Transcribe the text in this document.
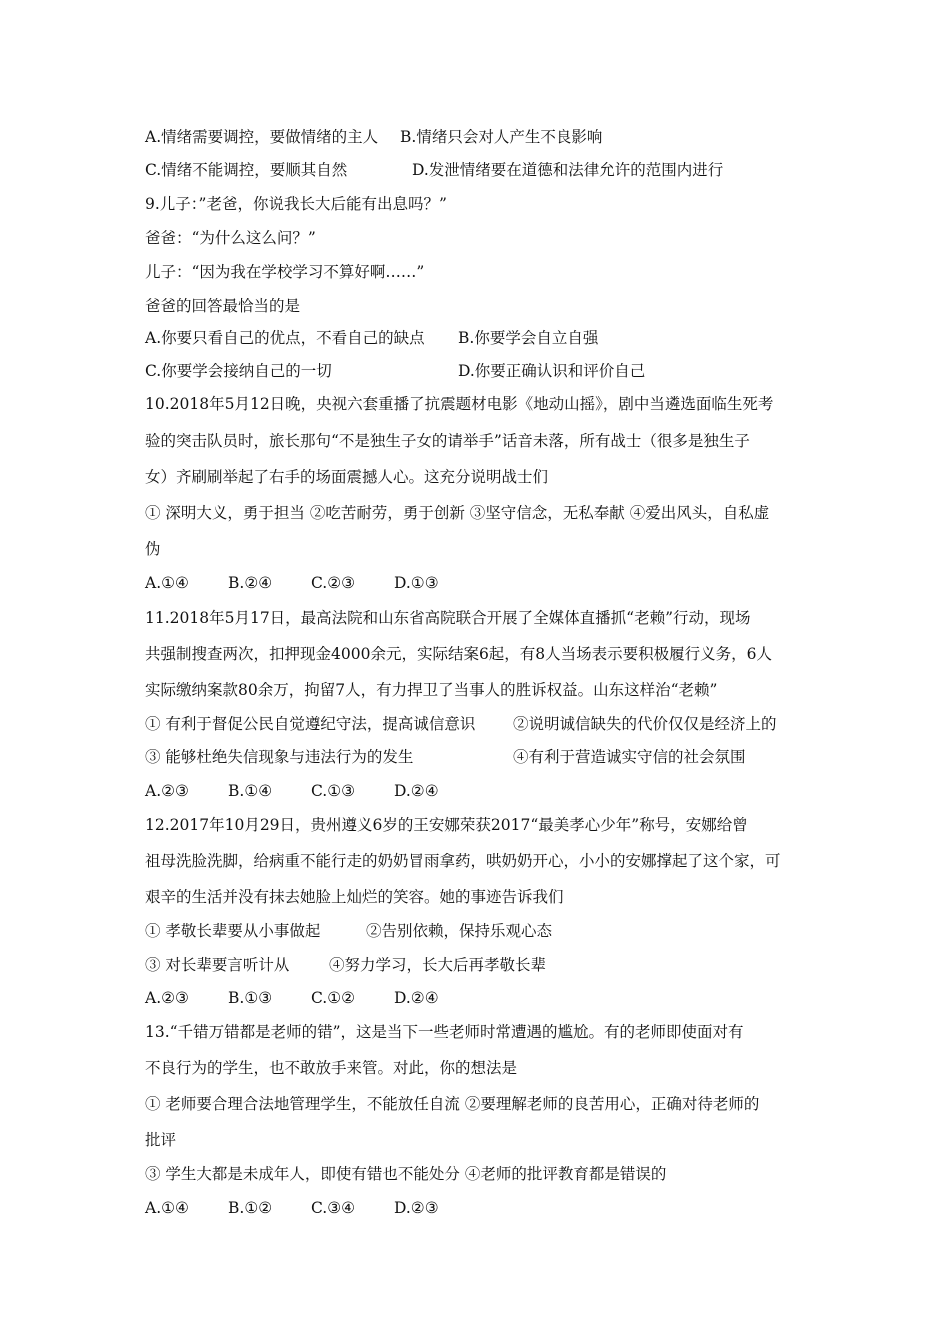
A.情绪需要调控，要做情绪的主人 B.情绪只会对人产生不良影响
C.情绪不能调控，要顺其自然	D.发泄情绪要在道德和法律允许的范围内进行
9.儿子：”老爸，你说我长大后能有出息吗？”
爸爸：“为什么这么问？”
儿子：“因为我在学校学习不算好啊……”
爸爸的回答最恰当的是
A.你要只看自己的优点，不看自己的缺点 B.你要学会自立自强
C.你要学会接纳自己的一切	D.你要正确认识和评价自己
10.2018年5月12日晚，央视六套重播了抗震题材电影《地动山摇》，剧中当遴选面临生死考
验的突击队员时，旅长那句“不是独生子女的请举手”话音未落，所有战士（很多是独生子
女）齐刷刷举起了右手的场面震撼人心。这充分说明战士们
① 深明大义，勇于担当 ②吃苦耐劳，勇于创新 ③坚守信念，无私奉献 ④爱出风头，自私虚
伪
A.①④	B.②④	C.②③	D.①③
11.2018年5月17日，最高法院和山东省高院联合开展了全媒体直播抓“老赖”行动，现场
共强制搜查两次，扣押现金4000余元，实际结案6起，有8人当场表示要积极履行义务，6人
实际缴纳案款80余万，拘留7人，有力捍卫了当事人的胜诉权益。山东这样治“老赖”
① 有利于督促公民自觉遵纪守法，提高诚信意识 ②说明诚信缺失的代价仅仅是经济上的
③ 能够杜绝失信现象与违法行为的发生	④有利于营造诚实守信的社会氛围
A.②③	B.①④	C.①③	D.②④
12.2017年10月29日，贵州遵义6岁的王安娜荣获2017“最美孝心少年”称号，安娜给曾
祖母洗脸洗脚，给病重不能行走的奶奶冒雨拿药，哄奶奶开心，小小的安娜撑起了这个家，可
艰辛的生活并没有抹去她脸上灿烂的笑容。她的事迹告诉我们
① 孝敬长辈要从小事做起	②告别依赖，保持乐观心态
③ 对长辈要言听计从	④努力学习，长大后再孝敬长辈
A.②③	B.①③	C.①②	D.②④
13.“千错万错都是老师的错”，这是当下一些老师时常遭遇的尴尬。有的老师即使面对有
不良行为的学生，也不敢放手来管。对此，你的想法是
① 老师要合理合法地管理学生，不能放任自流 ②要理解老师的良苦用心，正确对待老师的
批评
③ 学生大都是未成年人，即使有错也不能处分 ④老师的批评教育都是错误的
A.①④	B.①②	C.③④	D.②③
